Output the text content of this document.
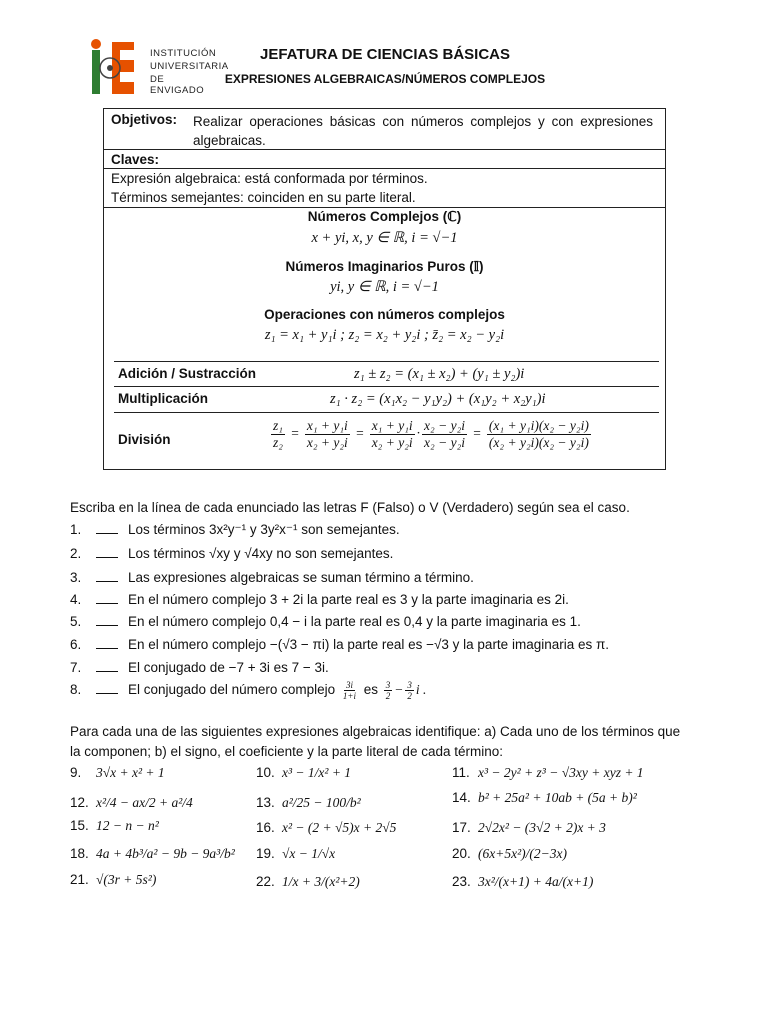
INSTITUCIÓN
UNIVERSITARIA
DE ENVIGADO
JEFATURA DE CIENCIAS BÁSICAS
EXPRESIONES ALGEBRAICAS/NÚMEROS COMPLEJOS
Objetivos: Realizar operaciones básicas con números complejos y con expresiones algebraicas.
Claves:
Expresión algebraica: está conformada por términos.
Términos semejantes: coinciden en su parte literal.
Números Complejos (ℂ)
x + yi, x, y ∈ ℝ, i = √−1
Números Imaginarios Puros (𝕀)
yi, y ∈ ℝ, i = √−1
Operaciones con números complejos
z₁ = x₁ + y₁i ; z₂ = x₂ + y₂i ; z̄₂ = x₂ − y₂i
Adición / Sustracción	z₁ ± z₂ = (x₁ ± x₂) + (y₁ ± y₂)i
Multiplicación	z₁ · z₂ = (x₁x₂ − y₁y₂) + (x₁y₂ + x₂y₁)i
División	$\frac{\text{z₁}}{\text{z₂}} = \frac{\text{x₁ + y₁i}}{\text{x₂ + y₂i}} = \frac{\text{x₁ + y₁i}}{\text{x₂ + y₂i}} \cdot \frac{\text{x₂ − y₂i}}{\text{x₂ − y₂i}} = \frac{\text{(x₁ + y₁i)(x₂ − y₂i)}}{\text{(x₂ + y₂i)(x₂ − y₂i)}}$
Escriba en la línea de cada enunciado las letras F (Falso) o V (Verdadero) según sea el caso.
1.	Los términos 3x²y⁻¹ y 3y²x⁻¹ son semejantes.
2.	Los términos √xy y √4xy no son semejantes.
3.	Las expresiones algebraicas se suman término a término.
4.	En el número complejo 3 + 2i la parte real es 3 y la parte imaginaria es 2i.
5.	En el número complejo 0,4 − i la parte real es 0,4 y la parte imaginaria es 1.
6.	En el número complejo −(√3 − πi) la parte real es −√3 y la parte imaginaria es π.
7.	El conjugado de −7 + 3i es 7 − 3i.
8.	El conjugado del número complejo $\frac{3i}{1+i}$ es $\frac{3}{2} - \frac{3}{2}$ i .
Para cada una de las siguientes expresiones algebraicas identifique: a) Cada uno de los términos que
la componen; b) el signo, el coeficiente y la parte literal de cada término:
9. 3√x + x² + 1	10. x³ − 1/x² + 1	11. x³ − 2y² + z³ − √3xy + xyz + 1
12. x²/4 − ax/2 + a²/4	13. a²/25 − 100/b²	14. b² + 25a² + 10ab + (5a + b)²
15. 12 − n − n²	16. x² − (2 + √5)x + 2√5	17. 2√2x² − (3√2 + 2)x + 3
18. 4a + 4b³/a² − 9b − 9a³/b² 19. √x − 1/√x	20. (6x+5x²)/(2−3x)
21. √(3r + 5s²)	22. 1/x + 3/(x²+2)	23. 3x²/(x+1) + 4a/(x+1)
